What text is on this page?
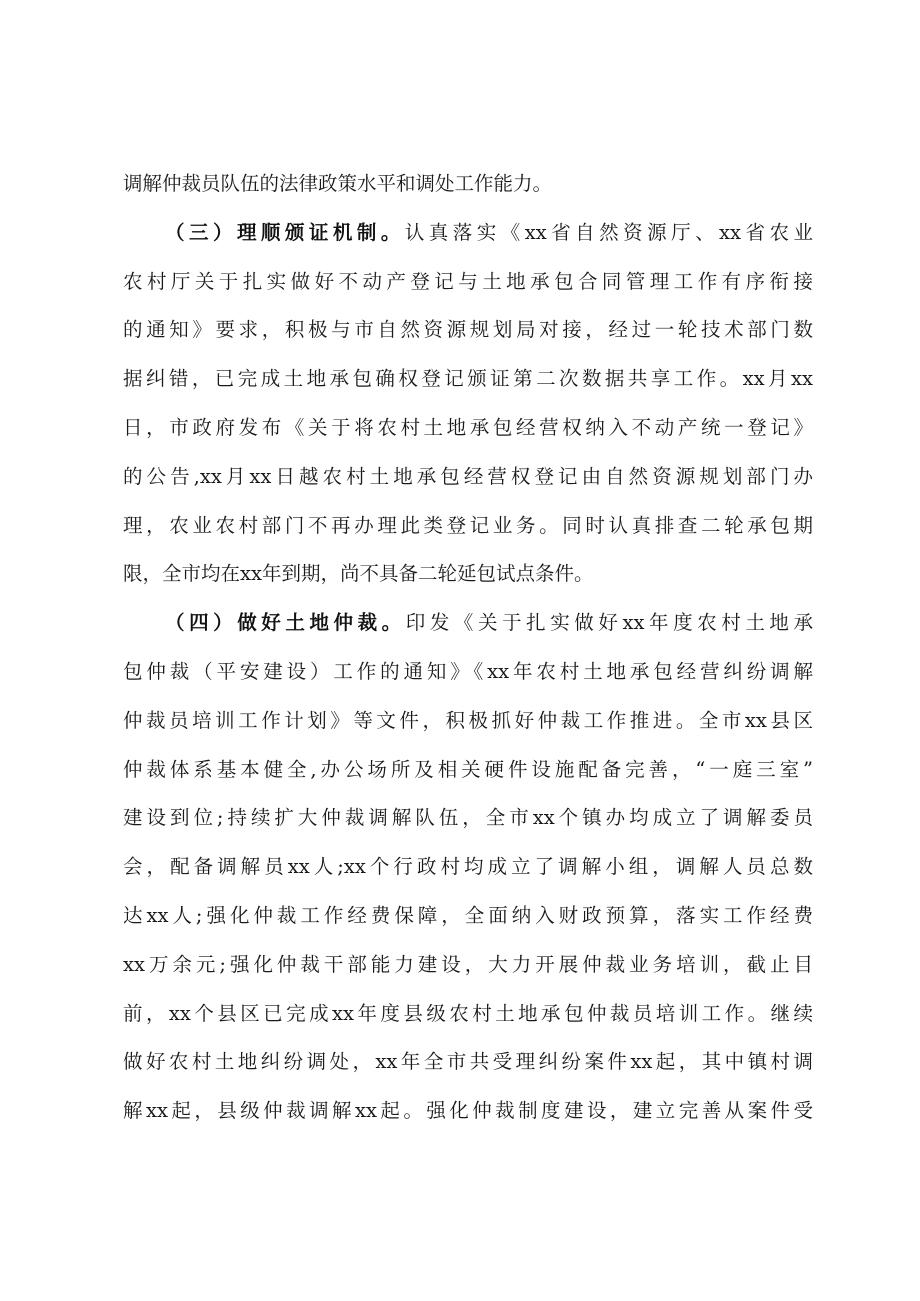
调解仲裁员队伍的法律政策水平和调处工作能力。
（三）理顺颁证机制。认真落实《xx省自然资源厅、xx省农业
农村厅关于扎实做好不动产登记与土地承包合同管理工作有序衔接
的通知》要求，积极与市自然资源规划局对接，经过一轮技术部门数
据纠错，已完成土地承包确权登记颁证第二次数据共享工作。xx月xx
日，市政府发布《关于将农村土地承包经营权纳入不动产统一登记》
的公告,xx月xx日越农村土地承包经营权登记由自然资源规划部门办
理，农业农村部门不再办理此类登记业务。同时认真排查二轮承包期
限，全市均在xx年到期，尚不具备二轮延包试点条件。
（四）做好土地仲裁。印发《关于扎实做好xx年度农村土地承
包仲裁（平安建设）工作的通知》《xx年农村土地承包经营纠纷调解
仲裁员培训工作计划》等文件，积极抓好仲裁工作推进。全市xx县区
仲裁体系基本健全,办公场所及相关硬件设施配备完善，“一庭三室”
建设到位;持续扩大仲裁调解队伍，全市xx个镇办均成立了调解委员
会，配备调解员xx人;xx个行政村均成立了调解小组，调解人员总数
达xx人;强化仲裁工作经费保障，全面纳入财政预算，落实工作经费
xx万余元;强化仲裁干部能力建设，大力开展仲裁业务培训，截止目
前，xx个县区已完成xx年度县级农村土地承包仲裁员培训工作。继续
做好农村土地纠纷调处，xx年全市共受理纠纷案件xx起，其中镇村调
解xx起，县级仲裁调解xx起。强化仲裁制度建设，建立完善从案件受
